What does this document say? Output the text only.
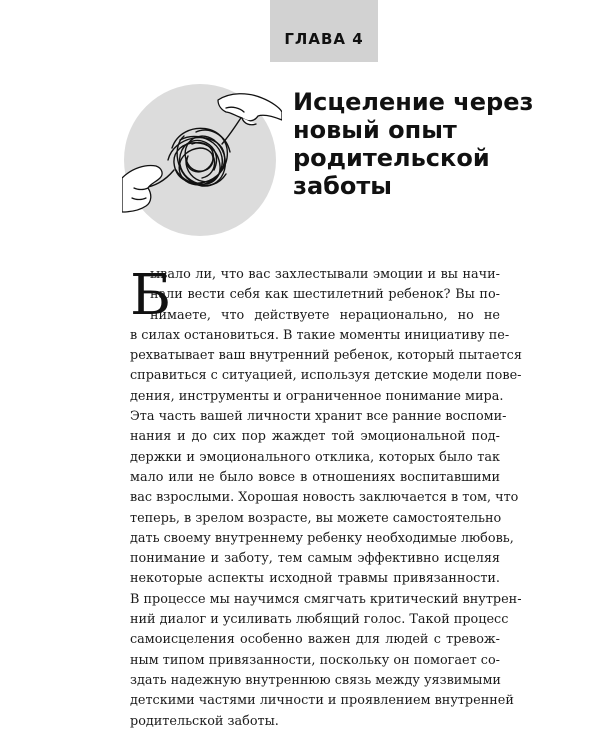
ГЛАВА 4
Исцеление через
новый опыт
родительской
заботы
Б
ывало ли, что вас захлестывали эмоции и вы начи-
нали вести себя как шестилетний ребенок? Вы по-
нимаете, что действуете нерационально, но не
в силах остановиться. В такие моменты инициативу пе-
рехватывает ваш внутренний ребенок, который пытается
справиться с ситуацией, используя детские модели пове-
дения, инструменты и ограниченное понимание мира.
Эта часть вашей личности хранит все ранние воспоми-
нания и до сих пор жаждет той эмоциональной под-
держки и эмоционального отклика, которых было так
мало или не было вовсе в отношениях воспитавшими
вас взрослыми. Хорошая новость заключается в том, что
теперь, в зрелом возрасте, вы можете самостоятельно
дать своему внутреннему ребенку необходимые любовь,
понимание и заботу, тем самым эффективно исцеляя
некоторые аспекты исходной травмы привязанности.
В процессе мы научимся смягчать критический внутрен-
ний диалог и усиливать любящий голос. Такой процесс
самоисцеления особенно важен для людей с тревож-
ным типом привязанности, поскольку он помогает со-
здать надежную внутреннюю связь между уязвимыми
детскими частями личности и проявлением внутренней
родительской заботы.
